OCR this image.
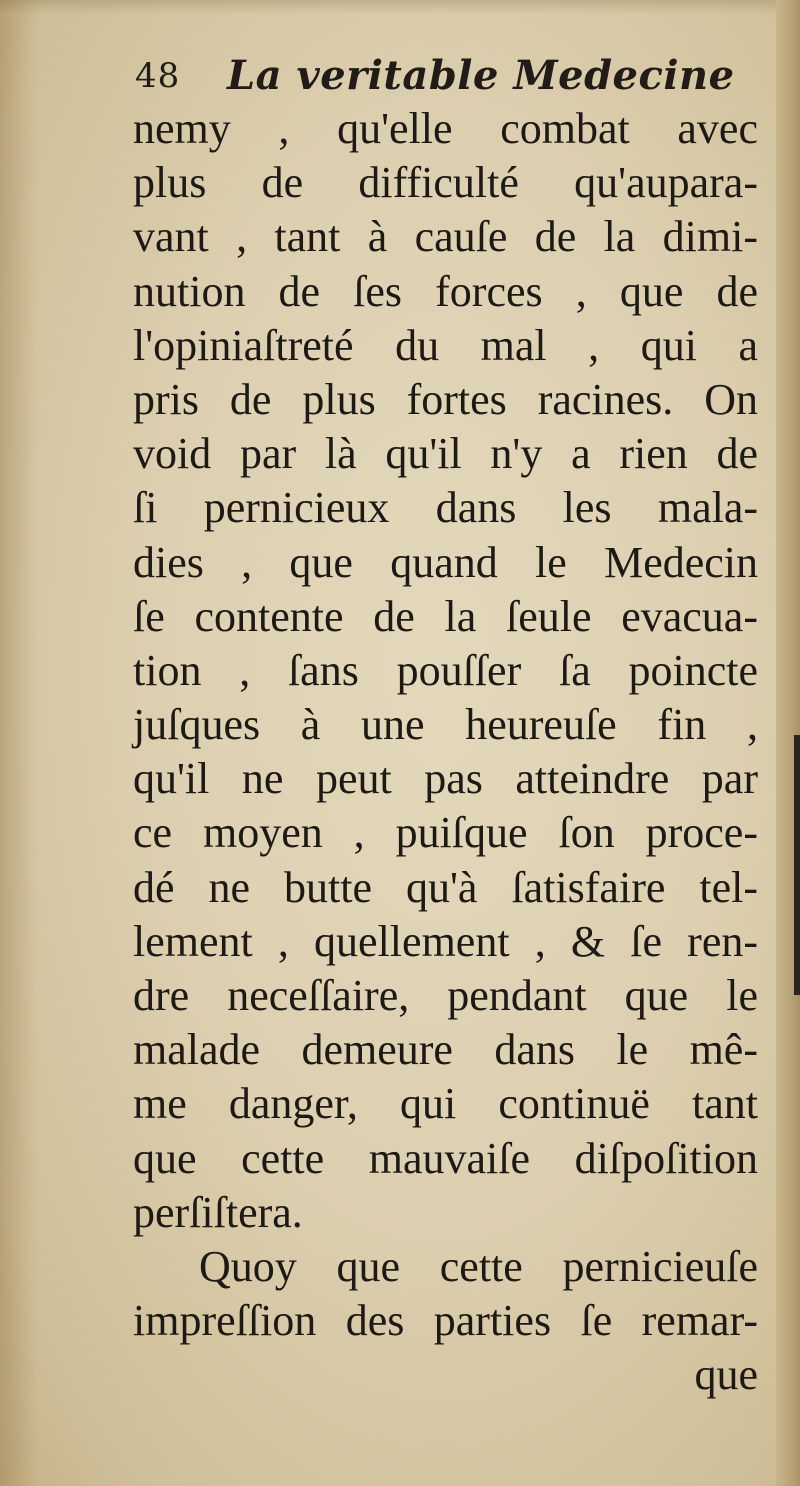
48 La veritable Medecine
nemy , qu'elle combat avec
plus de difficulté qu'aupara-
vant , tant à cauſe de la dimi-
nution de ſes forces , que de
l'opiniaſtreté du mal , qui a
pris de plus fortes racines. On
void par là qu'il n'y a rien de
ſi pernicieux dans les mala-
dies , que quand le Medecin
ſe contente de la ſeule evacua-
tion , ſans pouſſer ſa poincte
juſques à une heureuſe fin ,
qu'il ne peut pas atteindre par
ce moyen , puiſque ſon proce-
dé ne butte qu'à ſatisfaire tel-
lement , quellement , & ſe ren-
dre neceſſaire, pendant que le
malade demeure dans le mê-
me danger, qui continuë tant
que cette mauvaiſe diſpoſition
perſiſtera.
Quoy que cette pernicieuſe
impreſſion des parties ſe remar-
que
